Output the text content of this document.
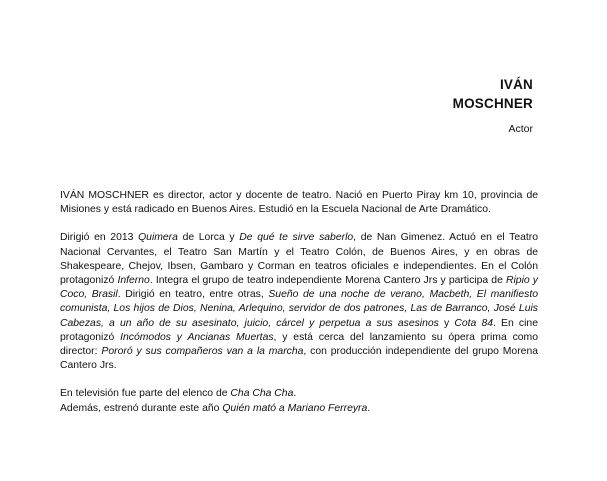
IVÁN
MOSCHNER
Actor

IVÁN MOSCHNER es director, actor y docente de teatro. Nació en Puerto Piray km 10, provincia de Misiones y está radicado en Buenos Aires. Estudió en la Escuela Nacional de Arte Dramático.

Dirigió en 2013 Quimera de Lorca y De qué te sirve saberlo, de Nan Gimenez. Actuó en el Teatro Nacional Cervantes, el Teatro San Martín y el Teatro Colón, de Buenos Aires, y en obras de Shakespeare, Chejov, Ibsen, Gambaro y Corman en teatros oficiales e independientes. En el Colón protagonizó Inferno. Integra el grupo de teatro independiente Morena Cantero Jrs y participa de Ripio y Coco, Brasil. Dirigió en teatro, entre otras, Sueño de una noche de verano, Macbeth, El manifiesto comunista, Los hijos de Dios, Nenina, Arlequino, servidor de dos patrones, Las de Barranco, José Luis Cabezas, a un año de su asesinato, juicio, cárcel y perpetua a sus asesinos y Cota 84. En cine protagonizó Incómodos y Ancianas Muertas, y está cerca del lanzamiento su ópera prima como director: Pororó y sus compañeros van a la marcha, con producción independiente del grupo Morena Cantero Jrs.

En televisión fue parte del elenco de Cha Cha Cha.

Además, estrenó durante este año Quién mató a Mariano Ferreyra.
